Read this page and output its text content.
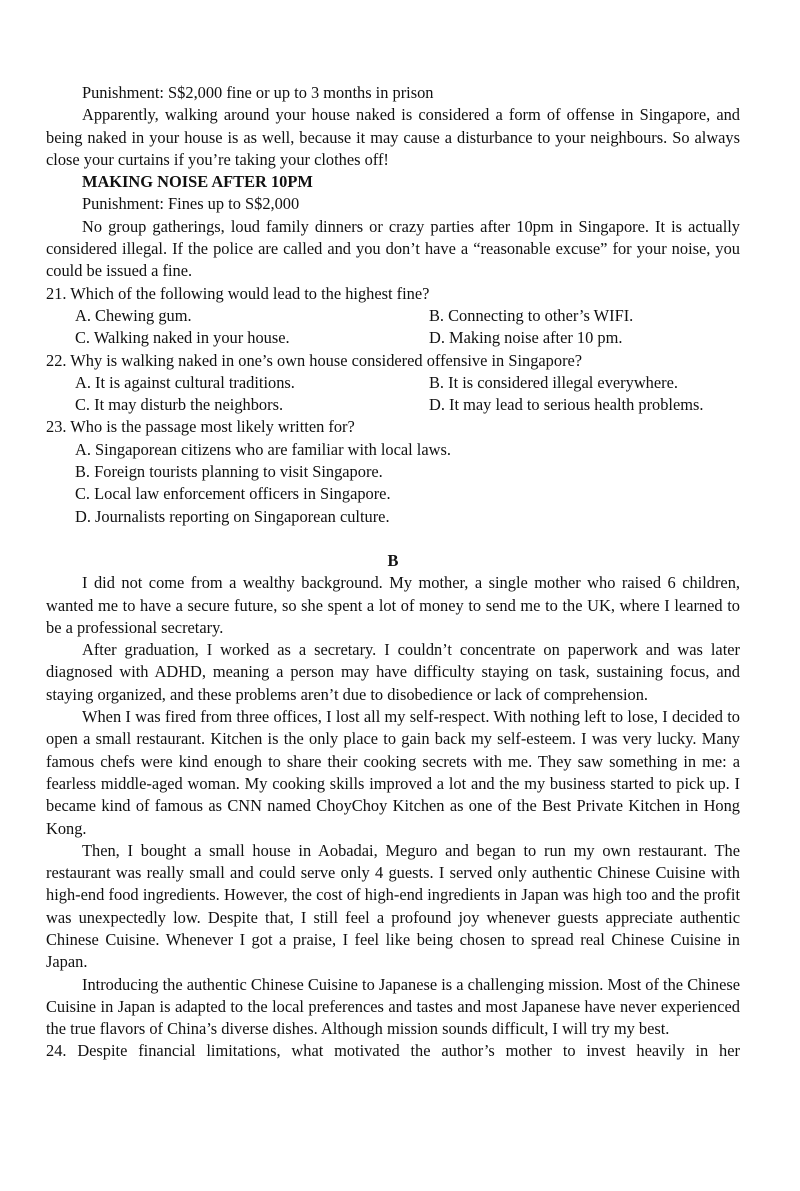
Punishment: S$2,000 fine or up to 3 months in prison

Apparently, walking around your house naked is considered a form of offense in Singapore, and being naked in your house is as well, because it may cause a disturbance to your neighbours. So always close your curtains if you’re taking your clothes off!

MAKING NOISE AFTER 10PM

Punishment: Fines up to S$2,000

No group gatherings, loud family dinners or crazy parties after 10pm in Singapore. It is actually considered illegal. If the police are called and you don’t have a “reasonable excuse” for your noise, you could be issued a fine.

21. Which of the following would lead to the highest fine?

A. Chewing gum.	B. Connecting to other’s WIFI.
C. Walking naked in your house.	D. Making noise after 10 pm.

22. Why is walking naked in one’s own house considered offensive in Singapore?

A. It is against cultural traditions.	B. It is considered illegal everywhere.
C. It may disturb the neighbors.	D. It may lead to serious health problems.

23. Who is the passage most likely written for?

A. Singaporean citizens who are familiar with local laws.
B. Foreign tourists planning to visit Singapore.
C. Local law enforcement officers in Singapore.
D. Journalists reporting on Singaporean culture.

B

I did not come from a wealthy background. My mother, a single mother who raised 6 children, wanted me to have a secure future, so she spent a lot of money to send me to the UK, where I learned to be a professional secretary.

After graduation, I worked as a secretary. I couldn’t concentrate on paperwork and was later diagnosed with ADHD, meaning a person may have difficulty staying on task, sustaining focus, and staying organized, and these problems aren’t due to disobedience or lack of comprehension.

When I was fired from three offices, I lost all my self-respect. With nothing left to lose, I decided to open a small restaurant. Kitchen is the only place to gain back my self-esteem. I was very lucky. Many famous chefs were kind enough to share their cooking secrets with me. They saw something in me: a fearless middle-aged woman. My cooking skills improved a lot and the my business started to pick up. I became kind of famous as CNN named ChoyChoy Kitchen as one of the Best Private Kitchen in Hong Kong.

Then, I bought a small house in Aobadai, Meguro and began to run my own restaurant. The restaurant was really small and could serve only 4 guests. I served only authentic Chinese Cuisine with high-end food ingredients. However, the cost of high-end ingredients in Japan was high too and the profit was unexpectedly low. Despite that, I still feel a profound joy whenever guests appreciate authentic Chinese Cuisine. Whenever I got a praise, I feel like being chosen to spread real Chinese Cuisine in Japan.

Introducing the authentic Chinese Cuisine to Japanese is a challenging mission. Most of the Chinese Cuisine in Japan is adapted to the local preferences and tastes and most Japanese have never experienced the true flavors of China’s diverse dishes. Although mission sounds difficult, I will try my best.

24. Despite financial limitations, what motivated the author’s mother to invest heavily in her
